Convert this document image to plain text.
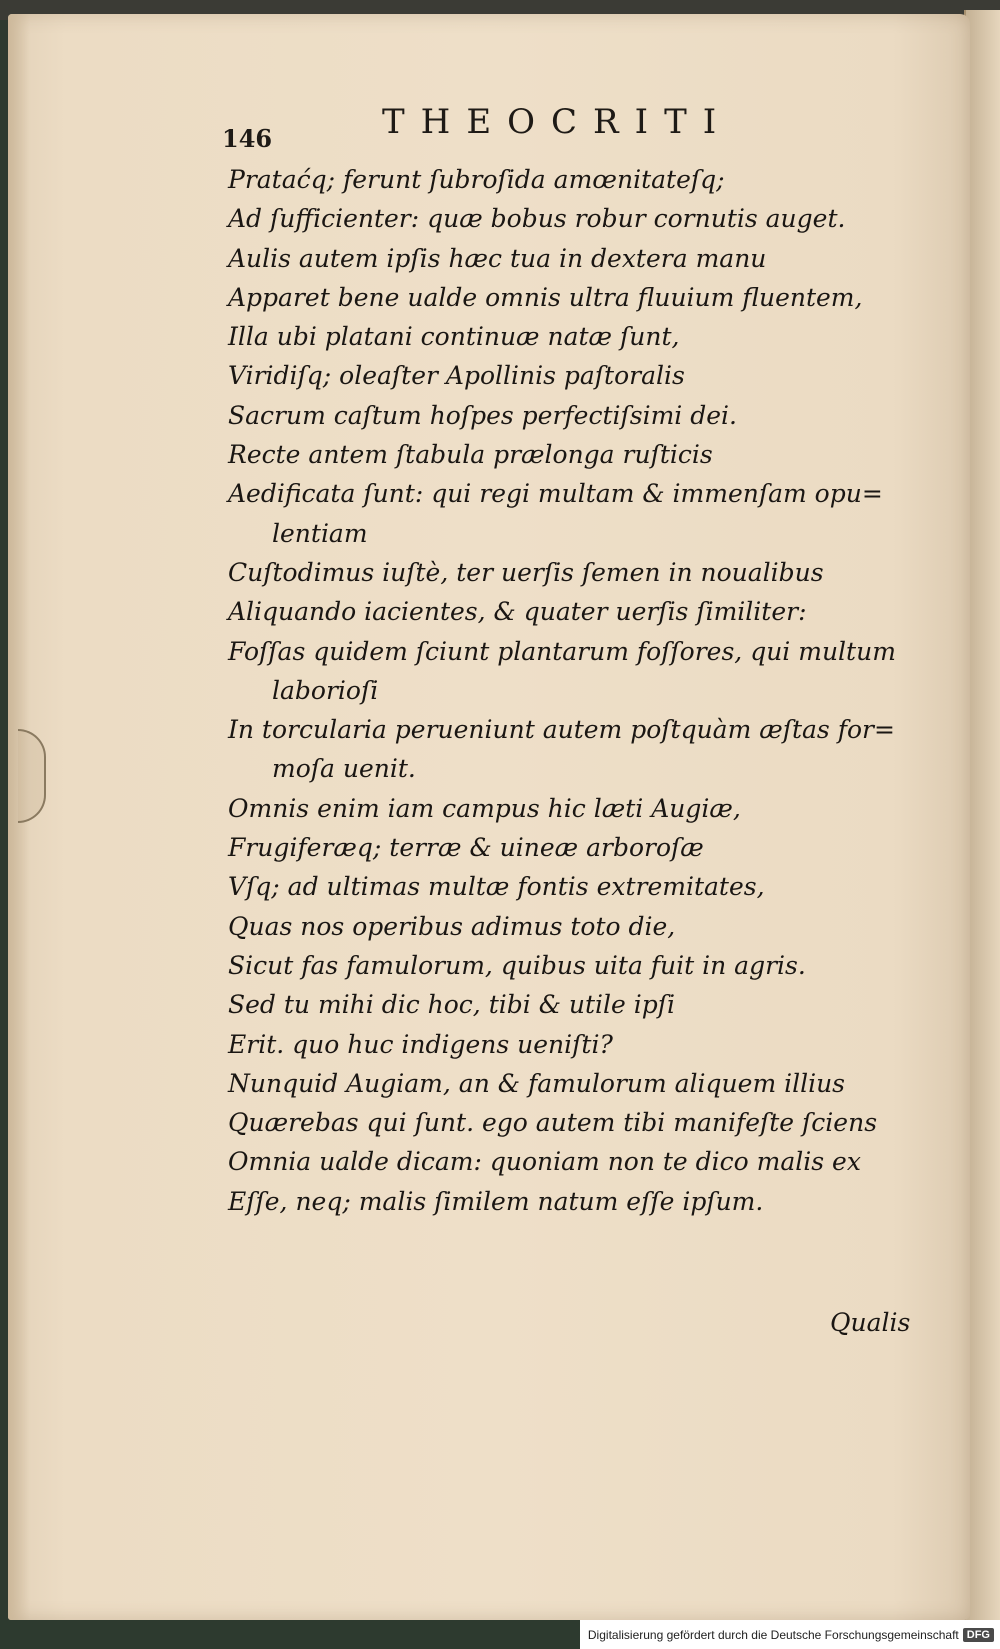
146	THEOCRITI
Prataćq; ferunt ſubroſida amœnitateſq;
Ad ſufficienter: quæ bobus robur cornutis auget.
Aulis autem ipſis hæc tua in dextera manu
Apparet bene ualde omnis ultra fluuium fluentem,
Illa ubi platani continuæ natæ ſunt,
Viridiſq; oleaſter Apollinis paſtoralis
Sacrum caſtum hoſpes perfectiſsimi dei.
Recte antem ſtabula prælonga ruſticis
Aedificata ſunt: qui regi multam & immenſam opu=
lentiam
Cuſtodimus iuſtè, ter uerſis ſemen in noualibus
Aliquando iacientes, & quater uerſis ſimiliter:
Foſſas quidem ſciunt plantarum foſſores, qui multum
laborioſi
In torcularia perueniunt autem poſtquàm æſtas for=
moſa uenit.
Omnis enim iam campus hic læti Augiæ,
Frugiferæq; terræ & uineæ arboroſæ
Vſq; ad ultimas multæ fontis extremitates,
Quas nos operibus adimus toto die,
Sicut fas famulorum, quibus uita fuit in agris.
Sed tu mihi dic hoc, tibi & utile ipſi
Erit. quo huc indigens ueniſti?
Nunquid Augiam, an & famulorum aliquem illius
Quærebas qui ſunt. ego autem tibi manifeſte ſciens
Omnia ualde dicam: quoniam non te dico malis ex
Eſſe, neq; malis ſimilem natum eſſe ipſum.
Qualis
Digitalisierung gefördert durch die Deutsche Forschungsgemeinschaft DFG
